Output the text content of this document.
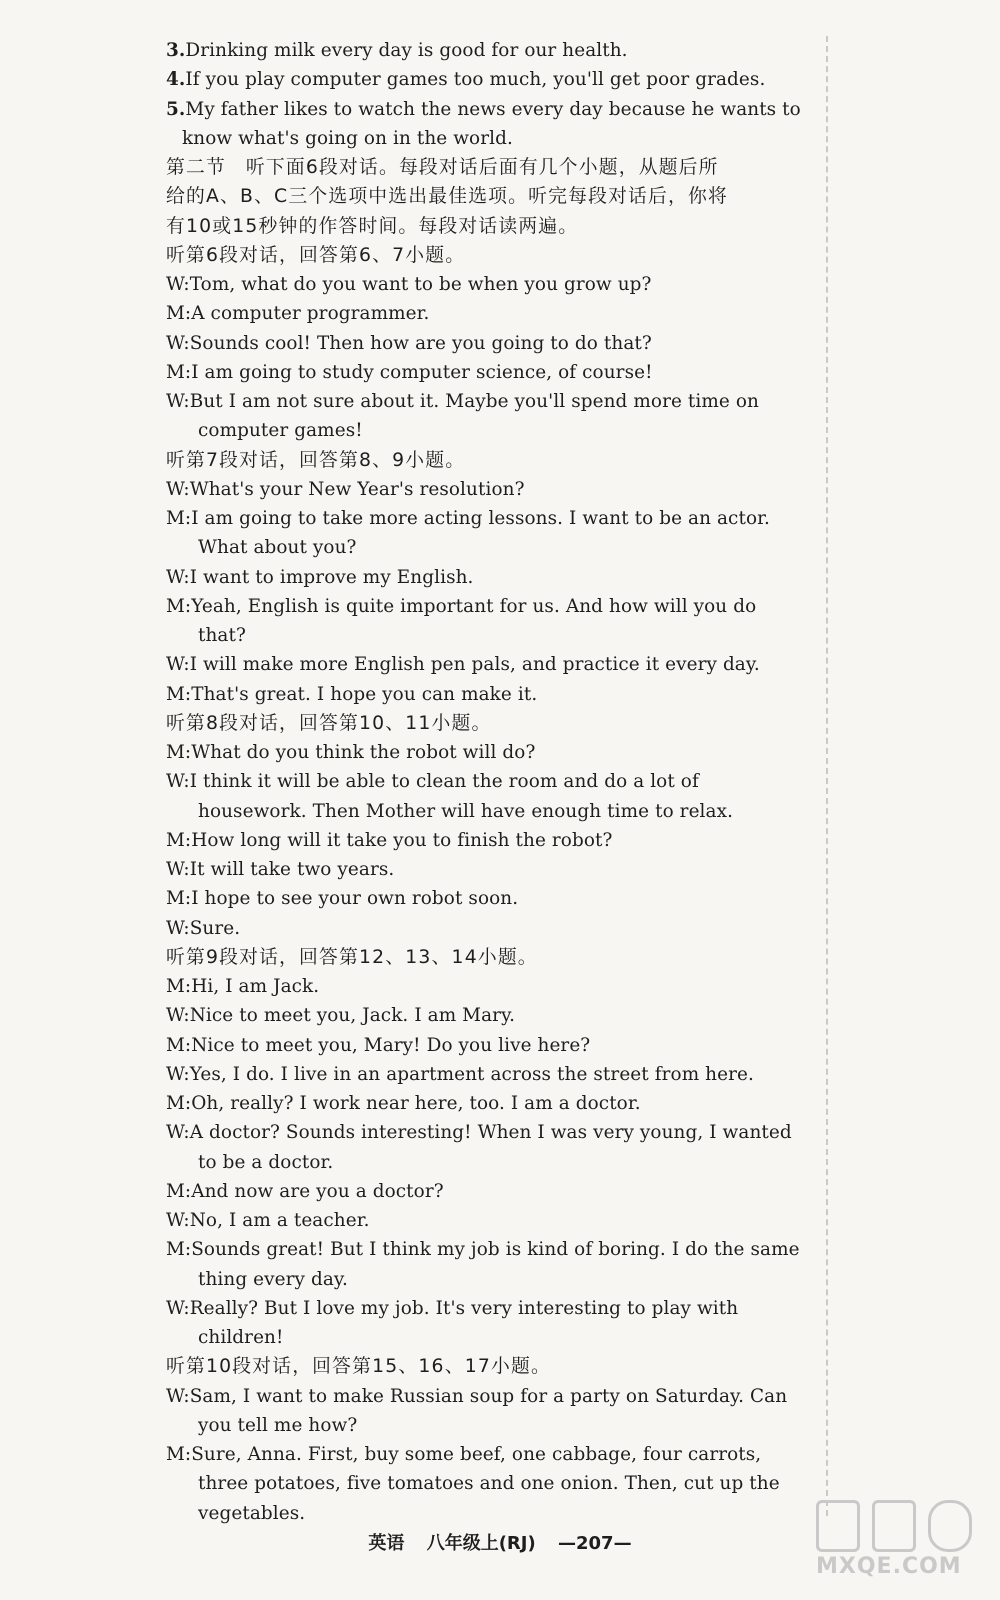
3.Drinking milk every day is good for our health.
4.If you play computer games too much, you'll get poor grades.
5.My father likes to watch the news every day because he wants to
know what's going on in the world.
第二节　听下面6段对话。每段对话后面有几个小题，从题后所
给的A、B、C三个选项中选出最佳选项。听完每段对话后，你将
有10或15秒钟的作答时间。每段对话读两遍。
听第6段对话，回答第6、7小题。
W:Tom, what do you want to be when you grow up?
M:A computer programmer.
W:Sounds cool! Then how are you going to do that?
M:I am going to study computer science, of course!
W:But I am not sure about it. Maybe you'll spend more time on
computer games!
听第7段对话，回答第8、9小题。
W:What's your New Year's resolution?
M:I am going to take more acting lessons. I want to be an actor.
What about you?
W:I want to improve my English.
M:Yeah, English is quite important for us. And how will you do
that?
W:I will make more English pen pals, and practice it every day.
M:That's great. I hope you can make it.
听第8段对话，回答第10、11小题。
M:What do you think the robot will do?
W:I think it will be able to clean the room and do a lot of
housework. Then Mother will have enough time to relax.
M:How long will it take you to finish the robot?
W:It will take two years.
M:I hope to see your own robot soon.
W:Sure.
听第9段对话，回答第12、13、14小题。
M:Hi, I am Jack.
W:Nice to meet you, Jack. I am Mary.
M:Nice to meet you, Mary! Do you live here?
W:Yes, I do. I live in an apartment across the street from here.
M:Oh, really? I work near here, too. I am a doctor.
W:A doctor? Sounds interesting! When I was very young, I wanted
to be a doctor.
M:And now are you a doctor?
W:No, I am a teacher.
M:Sounds great! But I think my job is kind of boring. I do the same
thing every day.
W:Really? But I love my job. It's very interesting to play with
children!
听第10段对话，回答第15、16、17小题。
W:Sam, I want to make Russian soup for a party on Saturday. Can
you tell me how?
M:Sure, Anna. First, buy some beef, one cabbage, four carrots,
three potatoes, five tomatoes and one onion. Then, cut up the
vegetables.
英语 八年级上(RJ) —207—
MXQE.COM
